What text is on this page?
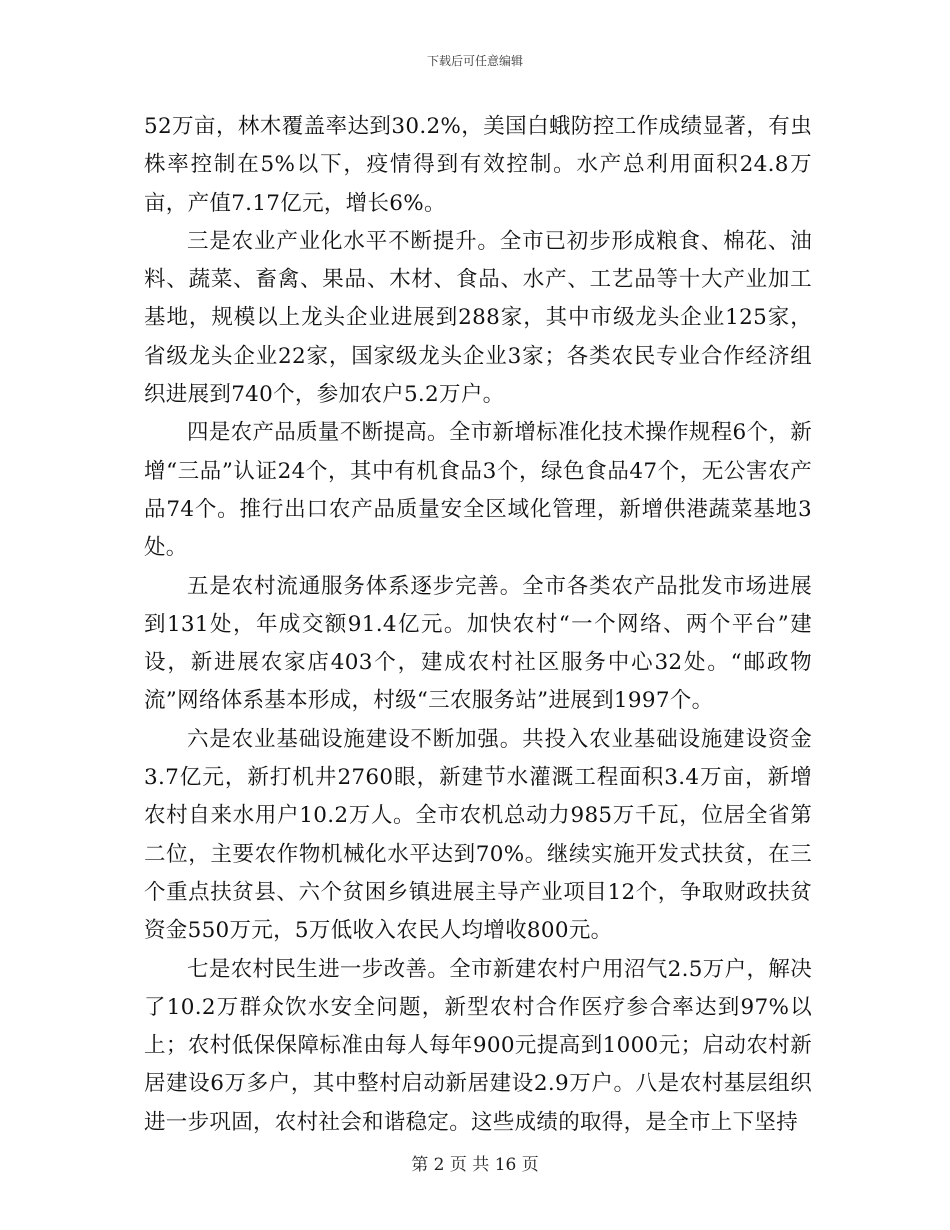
下载后可任意编辑

52万亩，林木覆盖率达到30.2%，美国白蛾防控工作成绩显著，有虫株率控制在5%以下，疫情得到有效控制。水产总利用面积24.8万亩，产值7.17亿元，增长6%。

三是农业产业化水平不断提升。全市已初步形成粮食、棉花、油料、蔬菜、畜禽、果品、木材、食品、水产、工艺品等十大产业加工基地，规模以上龙头企业进展到288家，其中市级龙头企业125家，省级龙头企业22家，国家级龙头企业3家；各类农民专业合作经济组织进展到740个，参加农户5.2万户。

四是农产品质量不断提高。全市新增标准化技术操作规程6个，新增“三品”认证24个，其中有机食品3个，绿色食品47个，无公害农产品74个。推行出口农产品质量安全区域化管理，新增供港蔬菜基地3处。

五是农村流通服务体系逐步完善。全市各类农产品批发市场进展到131处，年成交额91.4亿元。加快农村“一个网络、两个平台”建设，新进展农家店403个，建成农村社区服务中心32处。“邮政物流”网络体系基本形成，村级“三农服务站”进展到1997个。

六是农业基础设施建设不断加强。共投入农业基础设施建设资金3.7亿元，新打机井2760眼，新建节水灌溉工程面积3.4万亩，新增农村自来水用户10.2万人。全市农机总动力985万千瓦，位居全省第二位，主要农作物机械化水平达到70%。继续实施开发式扶贫，在三个重点扶贫县、六个贫困乡镇进展主导产业项目12个，争取财政扶贫资金550万元，5万低收入农民人均增收800元。

七是农村民生进一步改善。全市新建农村户用沼气2.5万户，解决了10.2万群众饮水安全问题，新型农村合作医疗参合率达到97%以上；农村低保保障标准由每人每年900元提高到1000元；启动农村新居建设6万多户，其中整村启动新居建设2.9万户。八是农村基层组织进一步巩固，农村社会和谐稳定。这些成绩的取得，是全市上下坚持

第 2 页 共 16 页
